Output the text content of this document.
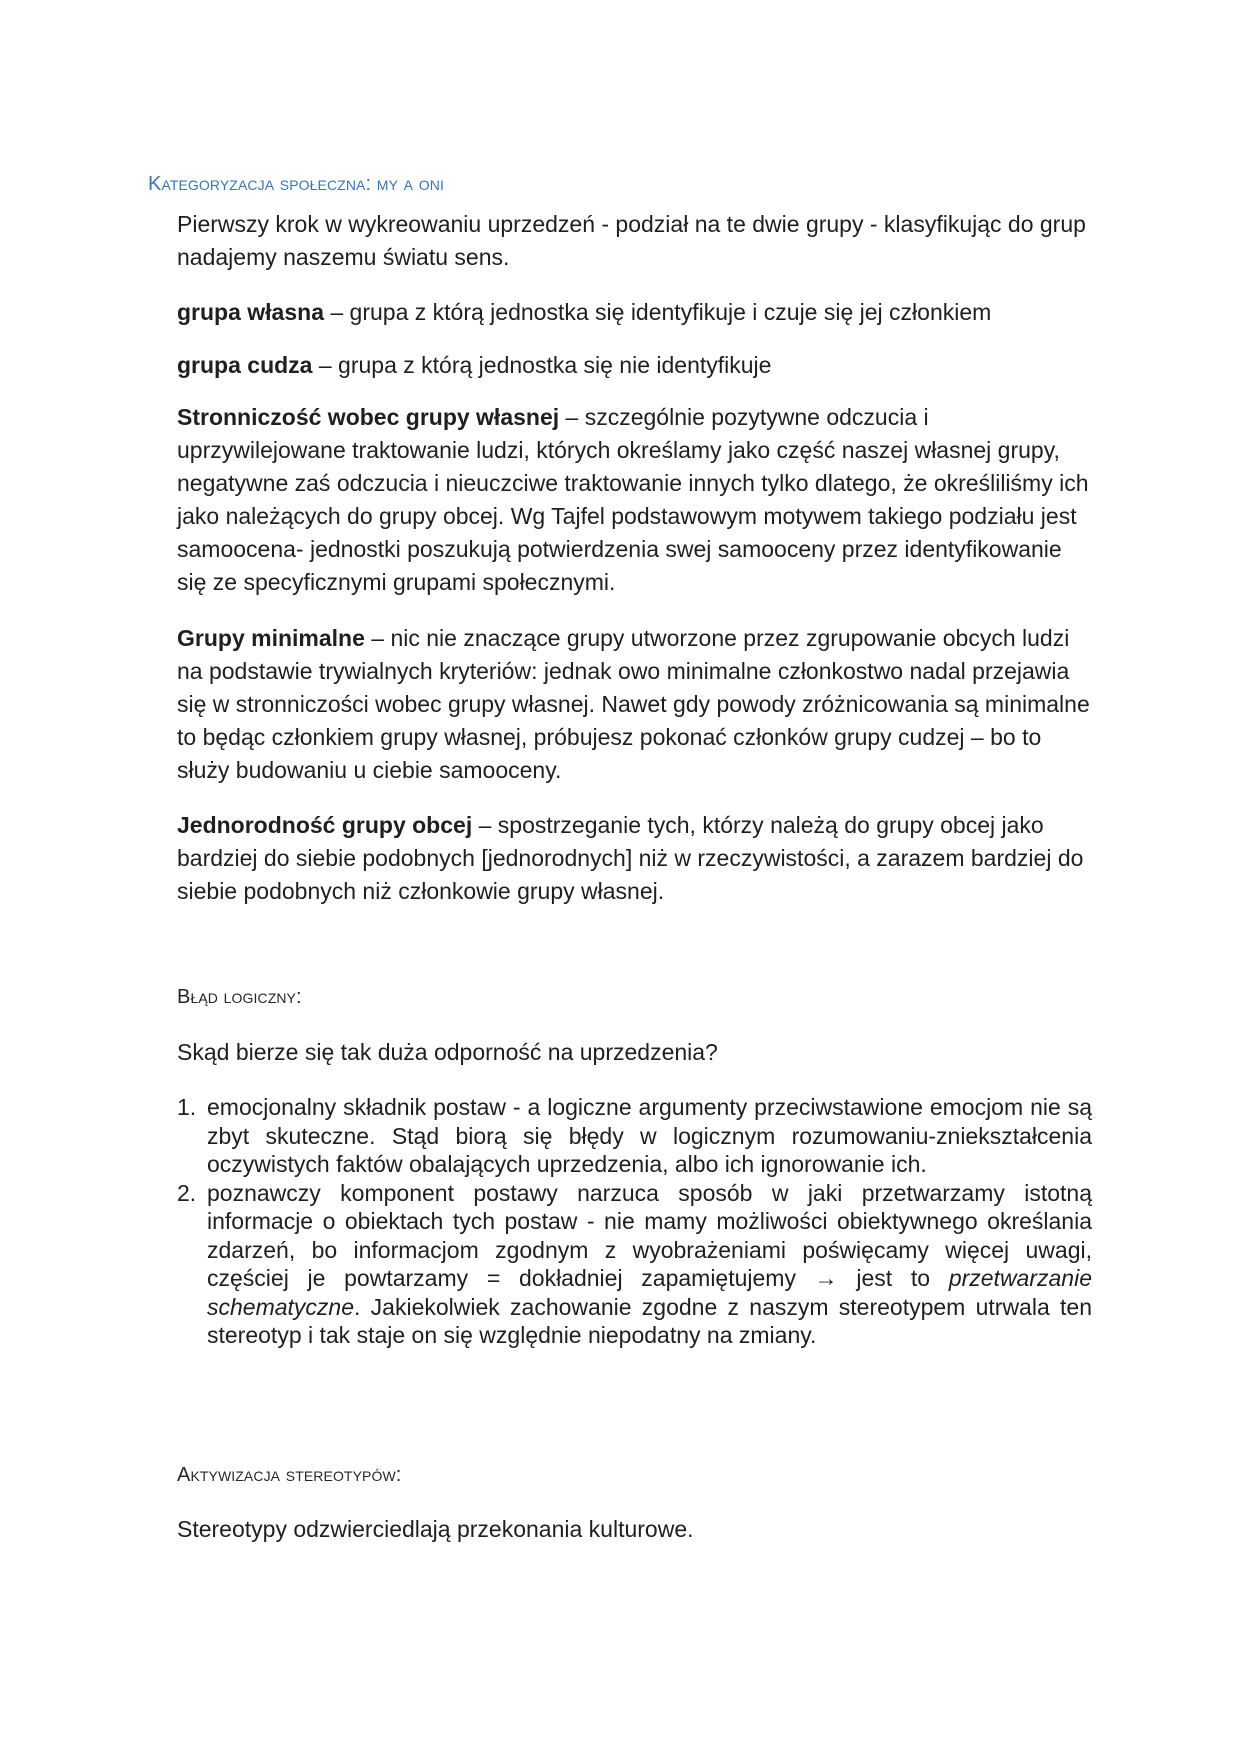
Kategoryzacja społeczna: my a oni

Pierwszy krok w wykreowaniu uprzedzeń - podział na te dwie grupy - klasyfikując do grup nadajemy naszemu światu sens.

grupa własna – grupa z którą jednostka się identyfikuje i czuje się jej członkiem

grupa cudza – grupa z którą jednostka się nie identyfikuje

Stronniczość wobec grupy własnej – szczególnie pozytywne odczucia i uprzywilejowane traktowanie ludzi, których określamy jako część naszej własnej grupy, negatywne zaś odczucia i nieuczciwe traktowanie innych tylko dlatego, że określiliśmy ich jako należących do grupy obcej. Wg Tajfel podstawowym motywem takiego podziału jest samoocena- jednostki poszukują potwierdzenia swej samooceny przez identyfikowanie się ze specyficznymi grupami społecznymi.

Grupy minimalne – nic nie znaczące grupy utworzone przez zgrupowanie obcych ludzi na podstawie trywialnych kryteriów: jednak owo minimalne członkostwo nadal przejawia się w stronniczości wobec grupy własnej. Nawet gdy powody zróżnicowania są minimalne to będąc członkiem grupy własnej, próbujesz pokonać członków grupy cudzej – bo to służy budowaniu u ciebie samooceny.

Jednorodność grupy obcej – spostrzeganie tych, którzy należą do grupy obcej jako bardziej do siebie podobnych [jednorodnych] niż w rzeczywistości, a zarazem bardziej do siebie podobnych niż członkowie grupy własnej.

Błąd logiczny:

Skąd bierze się tak duża odporność na uprzedzenia?

1. emocjonalny składnik postaw - a logiczne argumenty przeciwstawione emocjom nie są zbyt skuteczne. Stąd biorą się błędy w logicznym rozumowaniu-zniekształcenia oczywistych faktów obalających uprzedzenia, albo ich ignorowanie ich.
2. poznawczy komponent postawy narzuca sposób w jaki przetwarzamy istotną informacje o obiektach tych postaw - nie mamy możliwości obiektywnego określania zdarzeń, bo informacjom zgodnym z wyobrażeniami poświęcamy więcej uwagi, częściej je powtarzamy = dokładniej zapamiętujemy → jest to przetwarzanie schematyczne. Jakiekolwiek zachowanie zgodne z naszym stereotypem utrwala ten stereotyp i tak staje on się względnie niepodatny na zmiany.
Aktywizacja stereotypów:

Stereotypy odzwierciedlają przekonania kulturowe.
